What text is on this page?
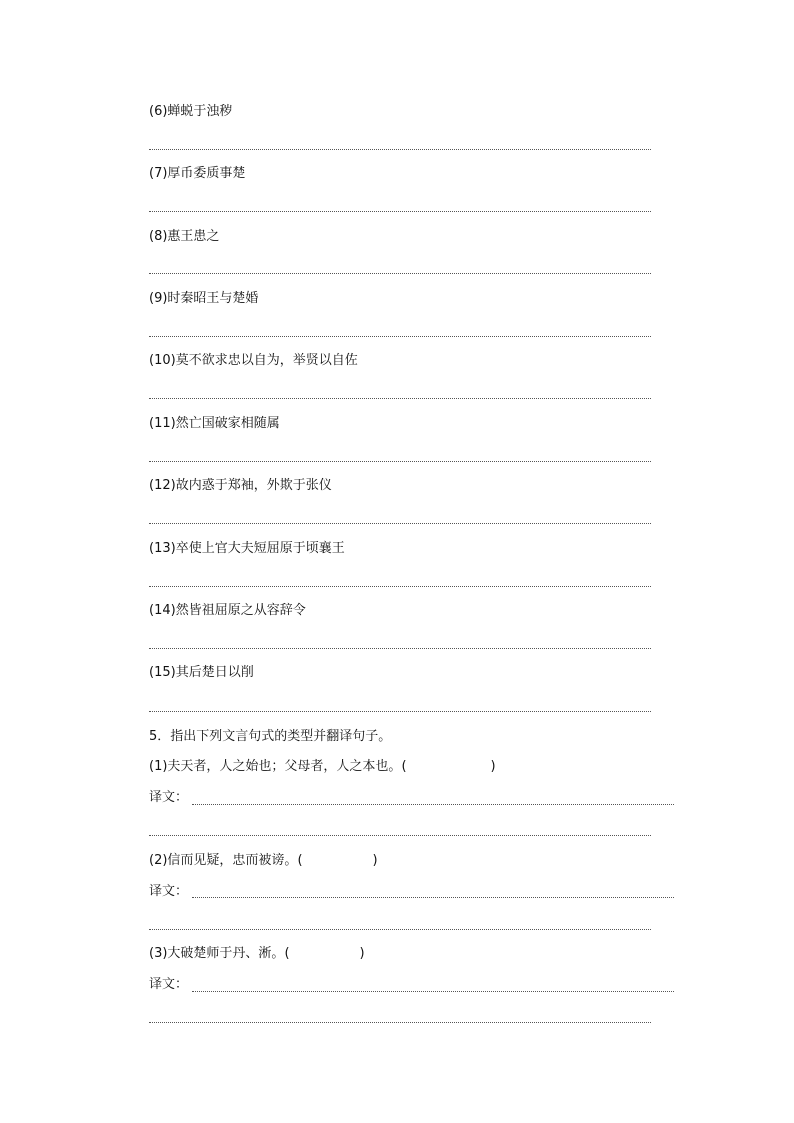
(6)蝉蜕于浊秽
(7)厚币委质事楚
(8)惠王患之
(9)时秦昭王与楚婚
(10)莫不欲求忠以自为，举贤以自佐
(11)然亡国破家相随属
(12)故内惑于郑袖，外欺于张仪
(13)卒使上官大夫短屈原于顷襄王
(14)然皆祖屈原之从容辞令
(15)其后楚日以削
5．指出下列文言句式的类型并翻译句子。
(1)夫天者，人之始也；父母者，人之本也。(	)
译文：
(2)信而见疑，忠而被谤。(	)
译文：
(3)大破楚师于丹、淅。(	)
译文：
